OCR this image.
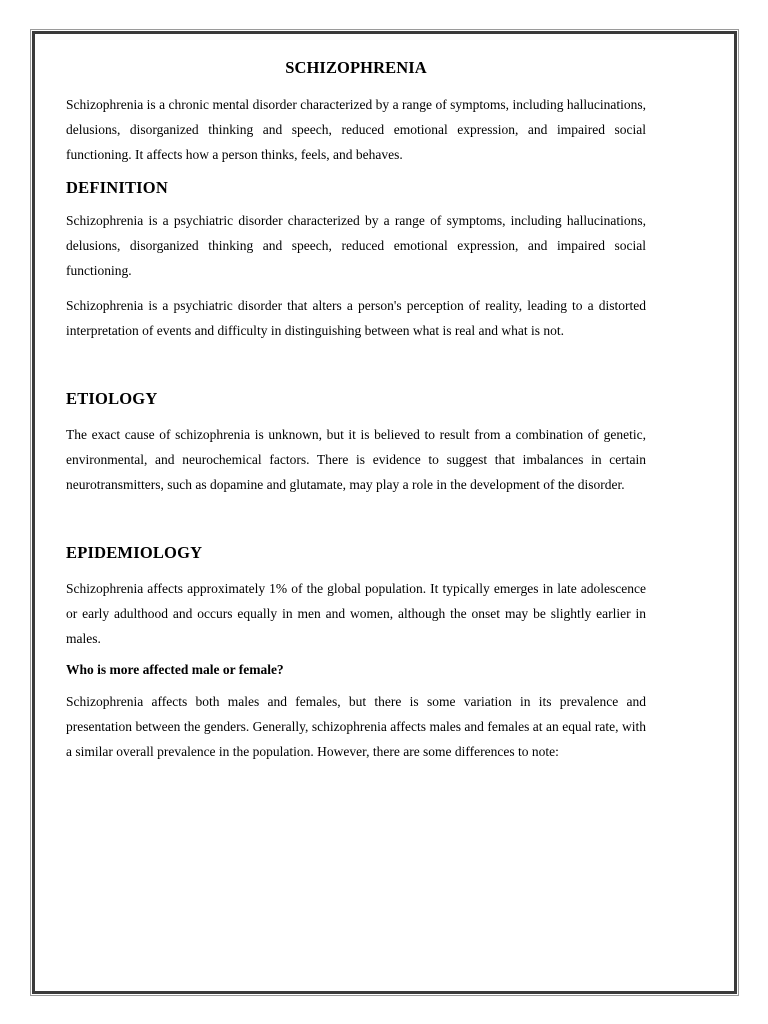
SCHIZOPHRENIA

Schizophrenia is a chronic mental disorder characterized by a range of symptoms, including hallucinations, delusions, disorganized thinking and speech, reduced emotional expression, and impaired social functioning. It affects how a person thinks, feels, and behaves.

DEFINITION

Schizophrenia is a psychiatric disorder characterized by a range of symptoms, including hallucinations, delusions, disorganized thinking and speech, reduced emotional expression, and impaired social functioning.

Schizophrenia is a psychiatric disorder that alters a person's perception of reality, leading to a distorted interpretation of events and difficulty in distinguishing between what is real and what is not.

ETIOLOGY

The exact cause of schizophrenia is unknown, but it is believed to result from a combination of genetic, environmental, and neurochemical factors. There is evidence to suggest that imbalances in certain neurotransmitters, such as dopamine and glutamate, may play a role in the development of the disorder.

EPIDEMIOLOGY

Schizophrenia affects approximately 1% of the global population. It typically emerges in late adolescence or early adulthood and occurs equally in men and women, although the onset may be slightly earlier in males.

Who is more affected male or female?

Schizophrenia affects both males and females, but there is some variation in its prevalence and presentation between the genders. Generally, schizophrenia affects males and females at an equal rate, with a similar overall prevalence in the population. However, there are some differences to note:
